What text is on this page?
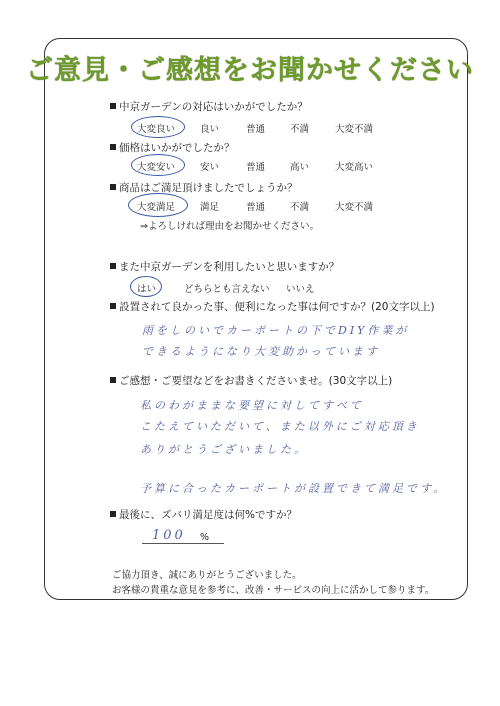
ご意見・ご感想をお聞かせください
中京ガーデンの対応はいかがでしたか？
大変良い	良い	普通	不満	大変不満
価格はいかがでしたか？
大変安い	安い	普通	高い	大変高い
商品はご満足頂けましたでしょうか？
大変満足	満足	普通	不満	大変不満
⇒よろしければ理由をお聞かせください。
また中京ガーデンを利用したいと思いますか？
はい	どちらとも言えない いいえ
設置されて良かった事、便利になった事は何ですか？(20文字以上)
雨をしのいでカーポートの下でDIY作業が
できるようになり大変助かっています
ご感想・ご要望などをお書きくださいませ。(30文字以上)
私のわがままな要望に対してすべて
こたえていただいて、また以外にご対応頂き
ありがとうございました。
予算に合ったカーポートが設置できて満足です。
最後に、ズバリ満足度は何%ですか？
100 %
ご協力頂き、誠にありがとうございました。
お客様の貴重な意見を参考に、改善・サービスの向上に活かして参ります。
